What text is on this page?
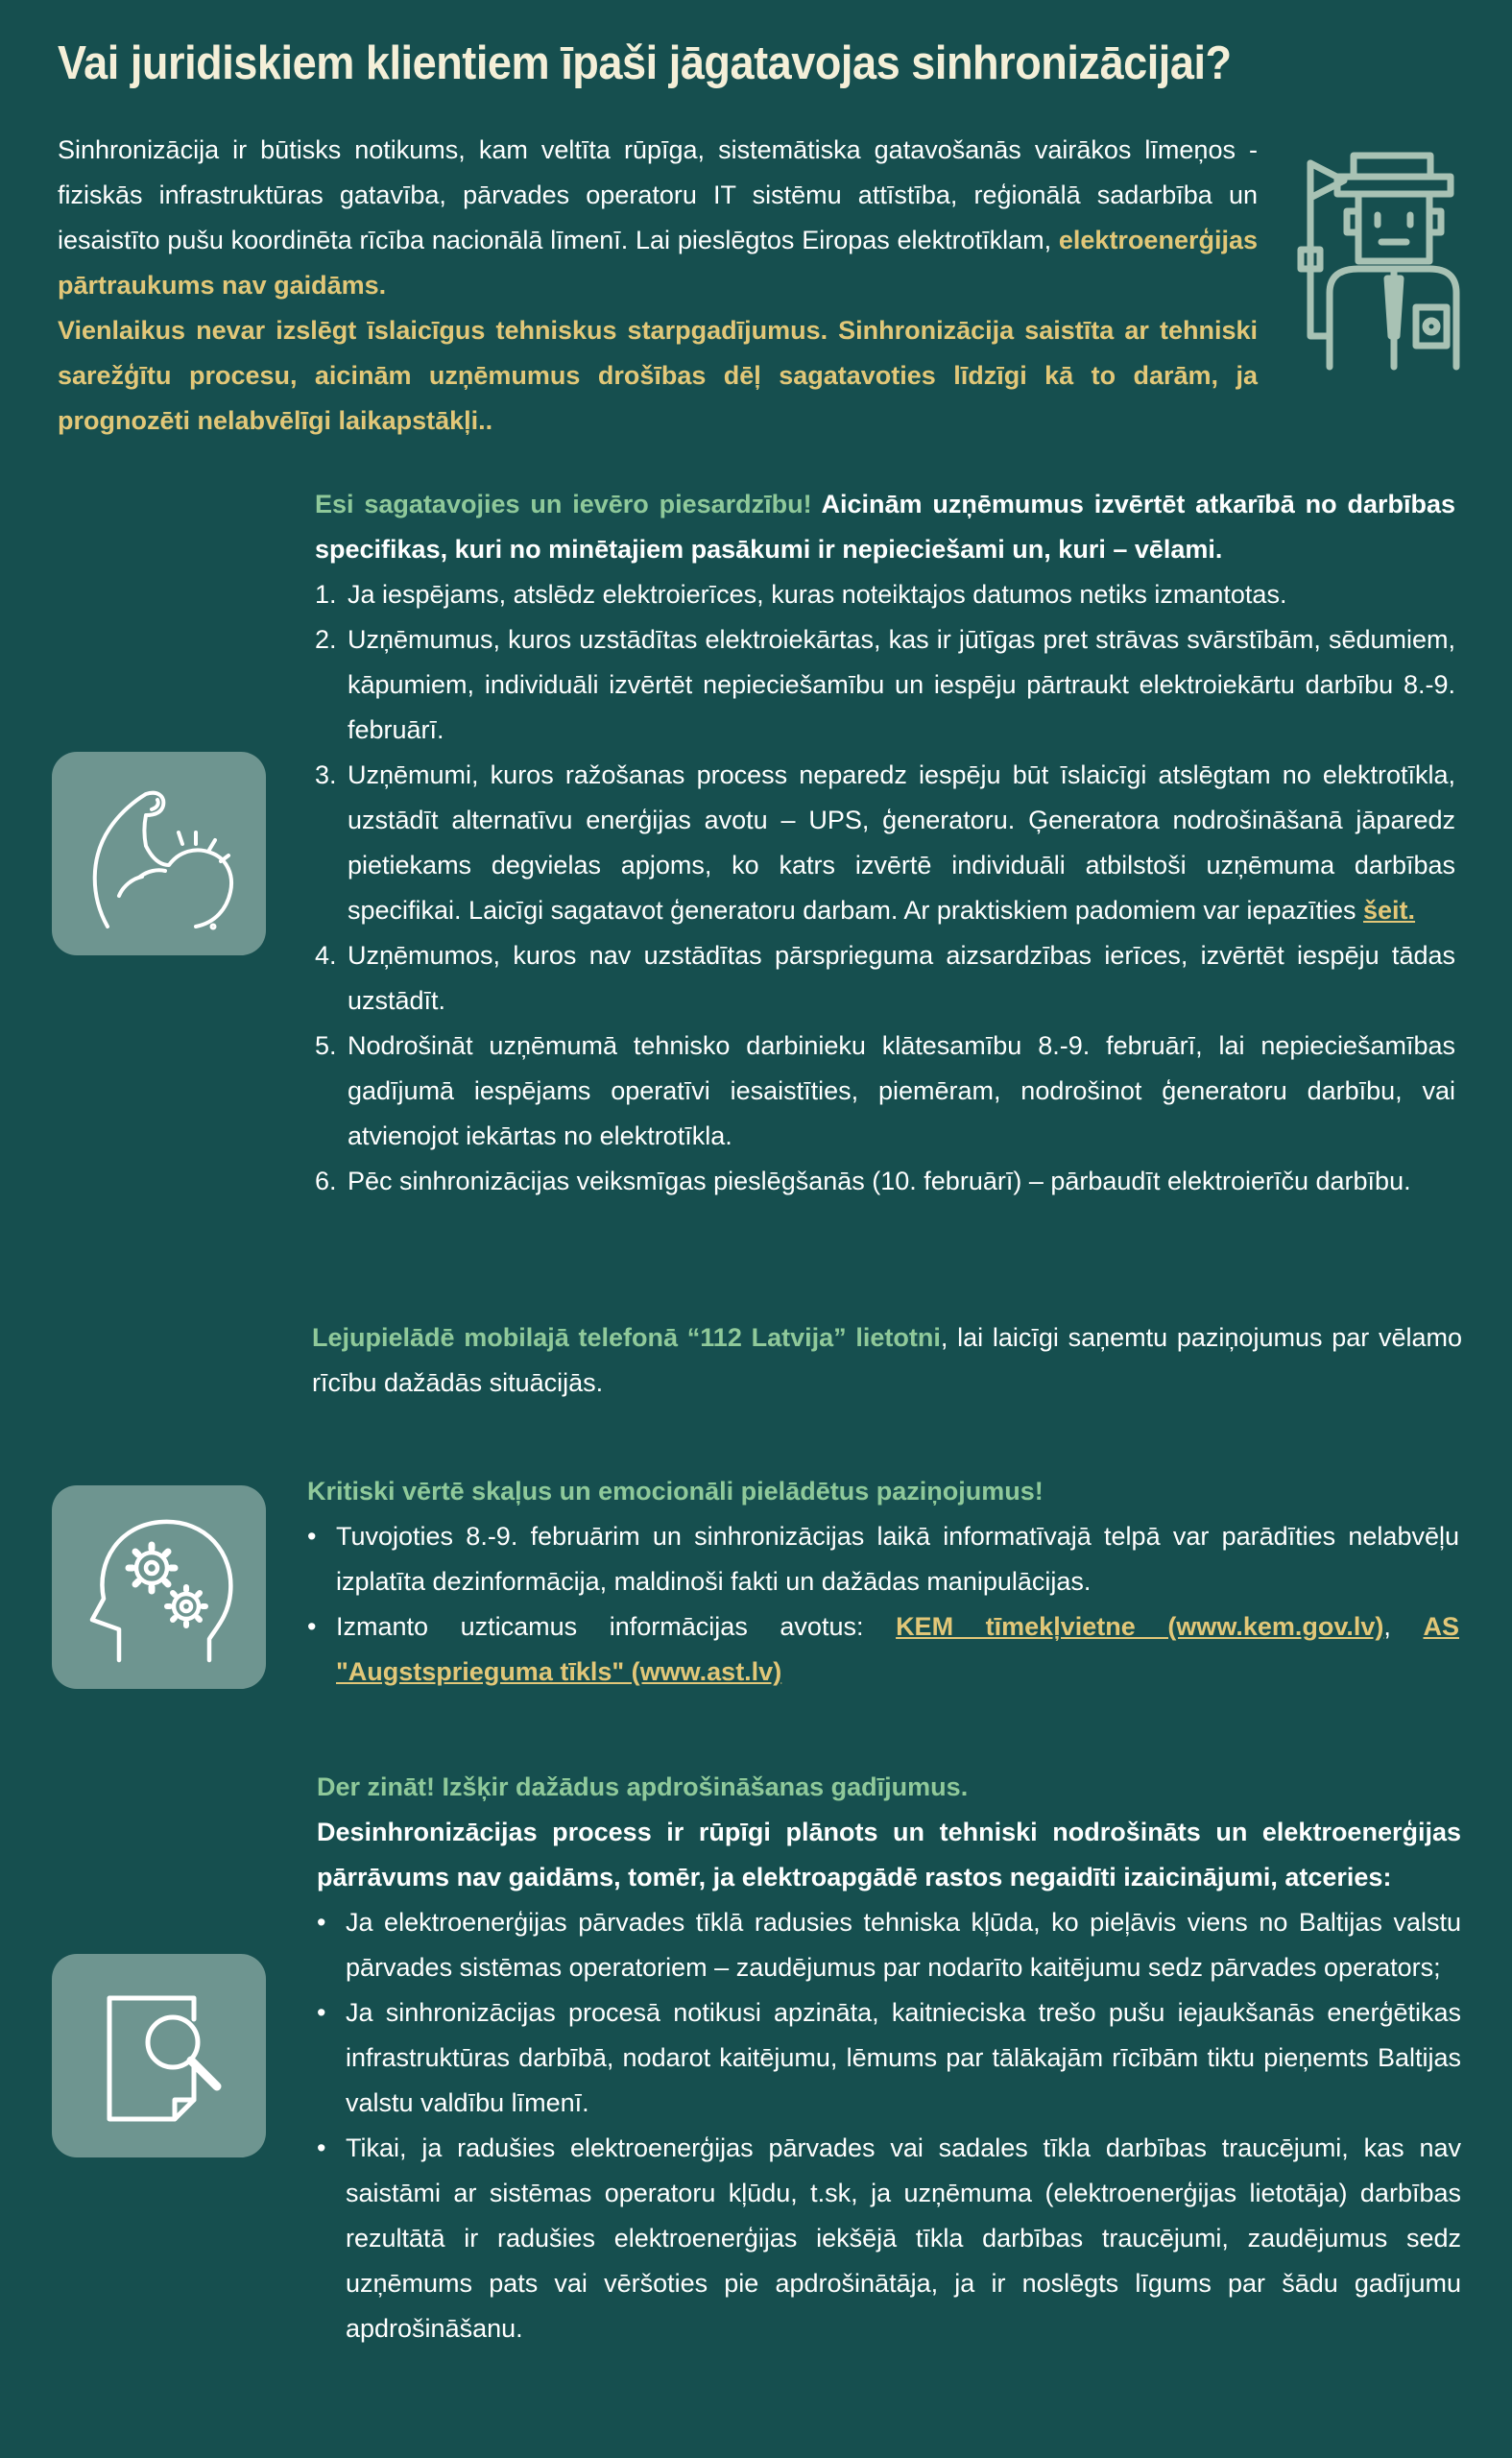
Vai juridiskiem klientiem īpaši jāgatavojas sinhronizācijai?
Sinhronizācija ir būtisks notikums, kam veltīta rūpīga, sistemātiska gatavošanās vairākos līmeņos - fiziskās infrastruktūras gatavība, pārvades operatoru IT sistēmu attīstība, reģionālā sadarbība un iesaistīto pušu koordinēta rīcība nacionālā līmenī. Lai pieslēgtos Eiropas elektrotīklam, elektroenerģijas pārtraukums nav gaidāms.
Vienlaikus nevar izslēgt īslaicīgus tehniskus starpgadījumus. Sinhronizācija saistīta ar tehniski sarežģītu procesu, aicinām uzņēmumus drošības dēļ sagatavoties līdzīgi kā to darām, ja prognozēti nelabvēlīgi laikapstākļi..
Esi sagatavojies un ievēro piesardzību! Aicinām uzņēmumus izvērtēt atkarībā no darbības specifikas, kuri no minētajiem pasākumi ir nepieciešami un, kuri – vēlami.
1. Ja iespējams, atslēdz elektroierīces, kuras noteiktajos datumos netiks izmantotas.
2. Uzņēmumus, kuros uzstādītas elektroiekārtas, kas ir jūtīgas pret strāvas svārstībām, sēdumiem, kāpumiem, individuāli izvērtēt nepieciešamību un iespēju pārtraukt elektroiekārtu darbību 8.-9. februārī.
3. Uzņēmumi, kuros ražošanas process neparedz iespēju būt īslaicīgi atslēgtam no elektrotīkla, uzstādīt alternatīvu enerģijas avotu – UPS, ģeneratoru. Ģeneratora nodrošināšanā jāparedz pietiekams degvielas apjoms, ko katrs izvērtē individuāli atbilstoši uzņēmuma darbības specifikai. Laicīgi sagatavot ģeneratoru darbam. Ar praktiskiem padomiem var iepazīties šeit.
4. Uzņēmumos, kuros nav uzstādītas pārsprieguma aizsardzības ierīces, izvērtēt iespēju tādas uzstādīt.
5. Nodrošināt uzņēmumā tehnisko darbinieku klātesamību 8.-9. februārī, lai nepieciešamības gadījumā iespējams operatīvi iesaistīties, piemēram, nodrošinot ģeneratoru darbību, vai atvienojot iekārtas no elektrotīkla.
6. Pēc sinhronizācijas veiksmīgas pieslēgšanās (10. februārī) – pārbaudīt elektroierīču darbību.
Lejupielādē mobilajā telefonā “112 Latvija” lietotni, lai laicīgi saņemtu paziņojumus par vēlamo rīcību dažādās situācijās.

Kritiski vērtē skaļus un emocionāli pielādētus paziņojumus!

• Tuvojoties 8.-9. februārim un sinhronizācijas laikā informatīvajā telpā var parādīties nelabvēļu izplatīta dezinformācija, maldinoši fakti un dažādas manipulācijas.
• Izmanto uzticamus informācijas avotus: KEM tīmekļvietne (www.kem.gov.lv), AS "Augstsprieguma tīkls" (www.ast.lv)

Der zināt! Izšķir dažādus apdrošināšanas gadījumus.

Desinhronizācijas process ir rūpīgi plānots un tehniski nodrošināts un elektroenerģijas pārrāvums nav gaidāms, tomēr, ja elektroapgādē rastos negaidīti izaicinājumi, atceries:

• Ja elektroenerģijas pārvades tīklā radusies tehniska kļūda, ko pieļāvis viens no Baltijas valstu pārvades sistēmas operatoriem – zaudējumus par nodarīto kaitējumu sedz pārvades operators;
• Ja sinhronizācijas procesā notikusi apzināta, kaitnieciska trešo pušu iejaukšanās enerģētikas infrastruktūras darbībā, nodarot kaitējumu, lēmums par tālākajām rīcībām tiktu pieņemts Baltijas valstu valdību līmenī.
• Tikai, ja radušies elektroenerģijas pārvades vai sadales tīkla darbības traucējumi, kas nav saistāmi ar sistēmas operatoru kļūdu, t.sk, ja uzņēmuma (elektroenerģijas lietotāja) darbības rezultātā ir radušies elektroenerģijas iekšējā tīkla darbības traucējumi, zaudējumus sedz uzņēmums pats vai vēršoties pie apdrošinātāja, ja ir noslēgts līgums par šādu gadījumu apdrošināšanu.
